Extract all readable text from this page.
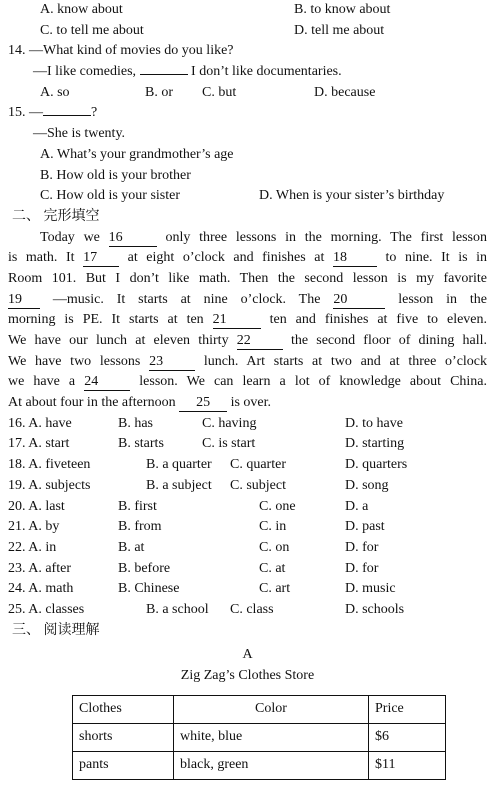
A. know about	B. to know about
C. to tell me about	D. tell me about
14. —What kind of movies do you like?
—I like comedies,	I don’t like documentaries.
A. so	B. or C. but	D. because
15. —	?
—She is twenty.
A. What’s your grandmother’s age
B. How old is your brother
C. How old is your sister	D. When is your sister’s birthday
二、 完形填空
Today we 16	only three lessons in the morning. The first lesson
is math. It 17 at eight o’clock and finishes at 18	to nine. It is in
Room 101. But I don’t like math. Then the second lesson is my favorite
19 —music. It starts at nine o’clock. The 20	lesson in the
morning is PE. It starts at ten 21	ten and finishes at five to eleven.
We have our lunch at eleven thirty 22	the second floor of dining hall.
We have two lessons 23	lunch. Art starts at two and at three o’clock
we have a 24	lesson. We can learn a lot of knowledge about China.
At about four in the afternoon 25 is over.
16. A. have	B. has	C. having	D. to have
17. A. start	B. starts	C. is start	D. starting
18. A. fiveteen	B. a quarter C. quarter	D. quarters
19. A. subjects	B. a subject C. subject	D. song
20. A. last	B. first	C. one	D. a
21. A. by	B. from	C. in	D. past
22. A. in	B. at	C. on	D. for
23. A. after	B. before	C. at	D. for
24. A. math	B. Chinese	C. art	D. music
25. A. classes	B. a school C. class	D. schools
三、 阅读理解
A
Zig Zag’s Clothes Store
Clothes	Color	Price
shorts	white, blue	$6
pants	black, green	$11
